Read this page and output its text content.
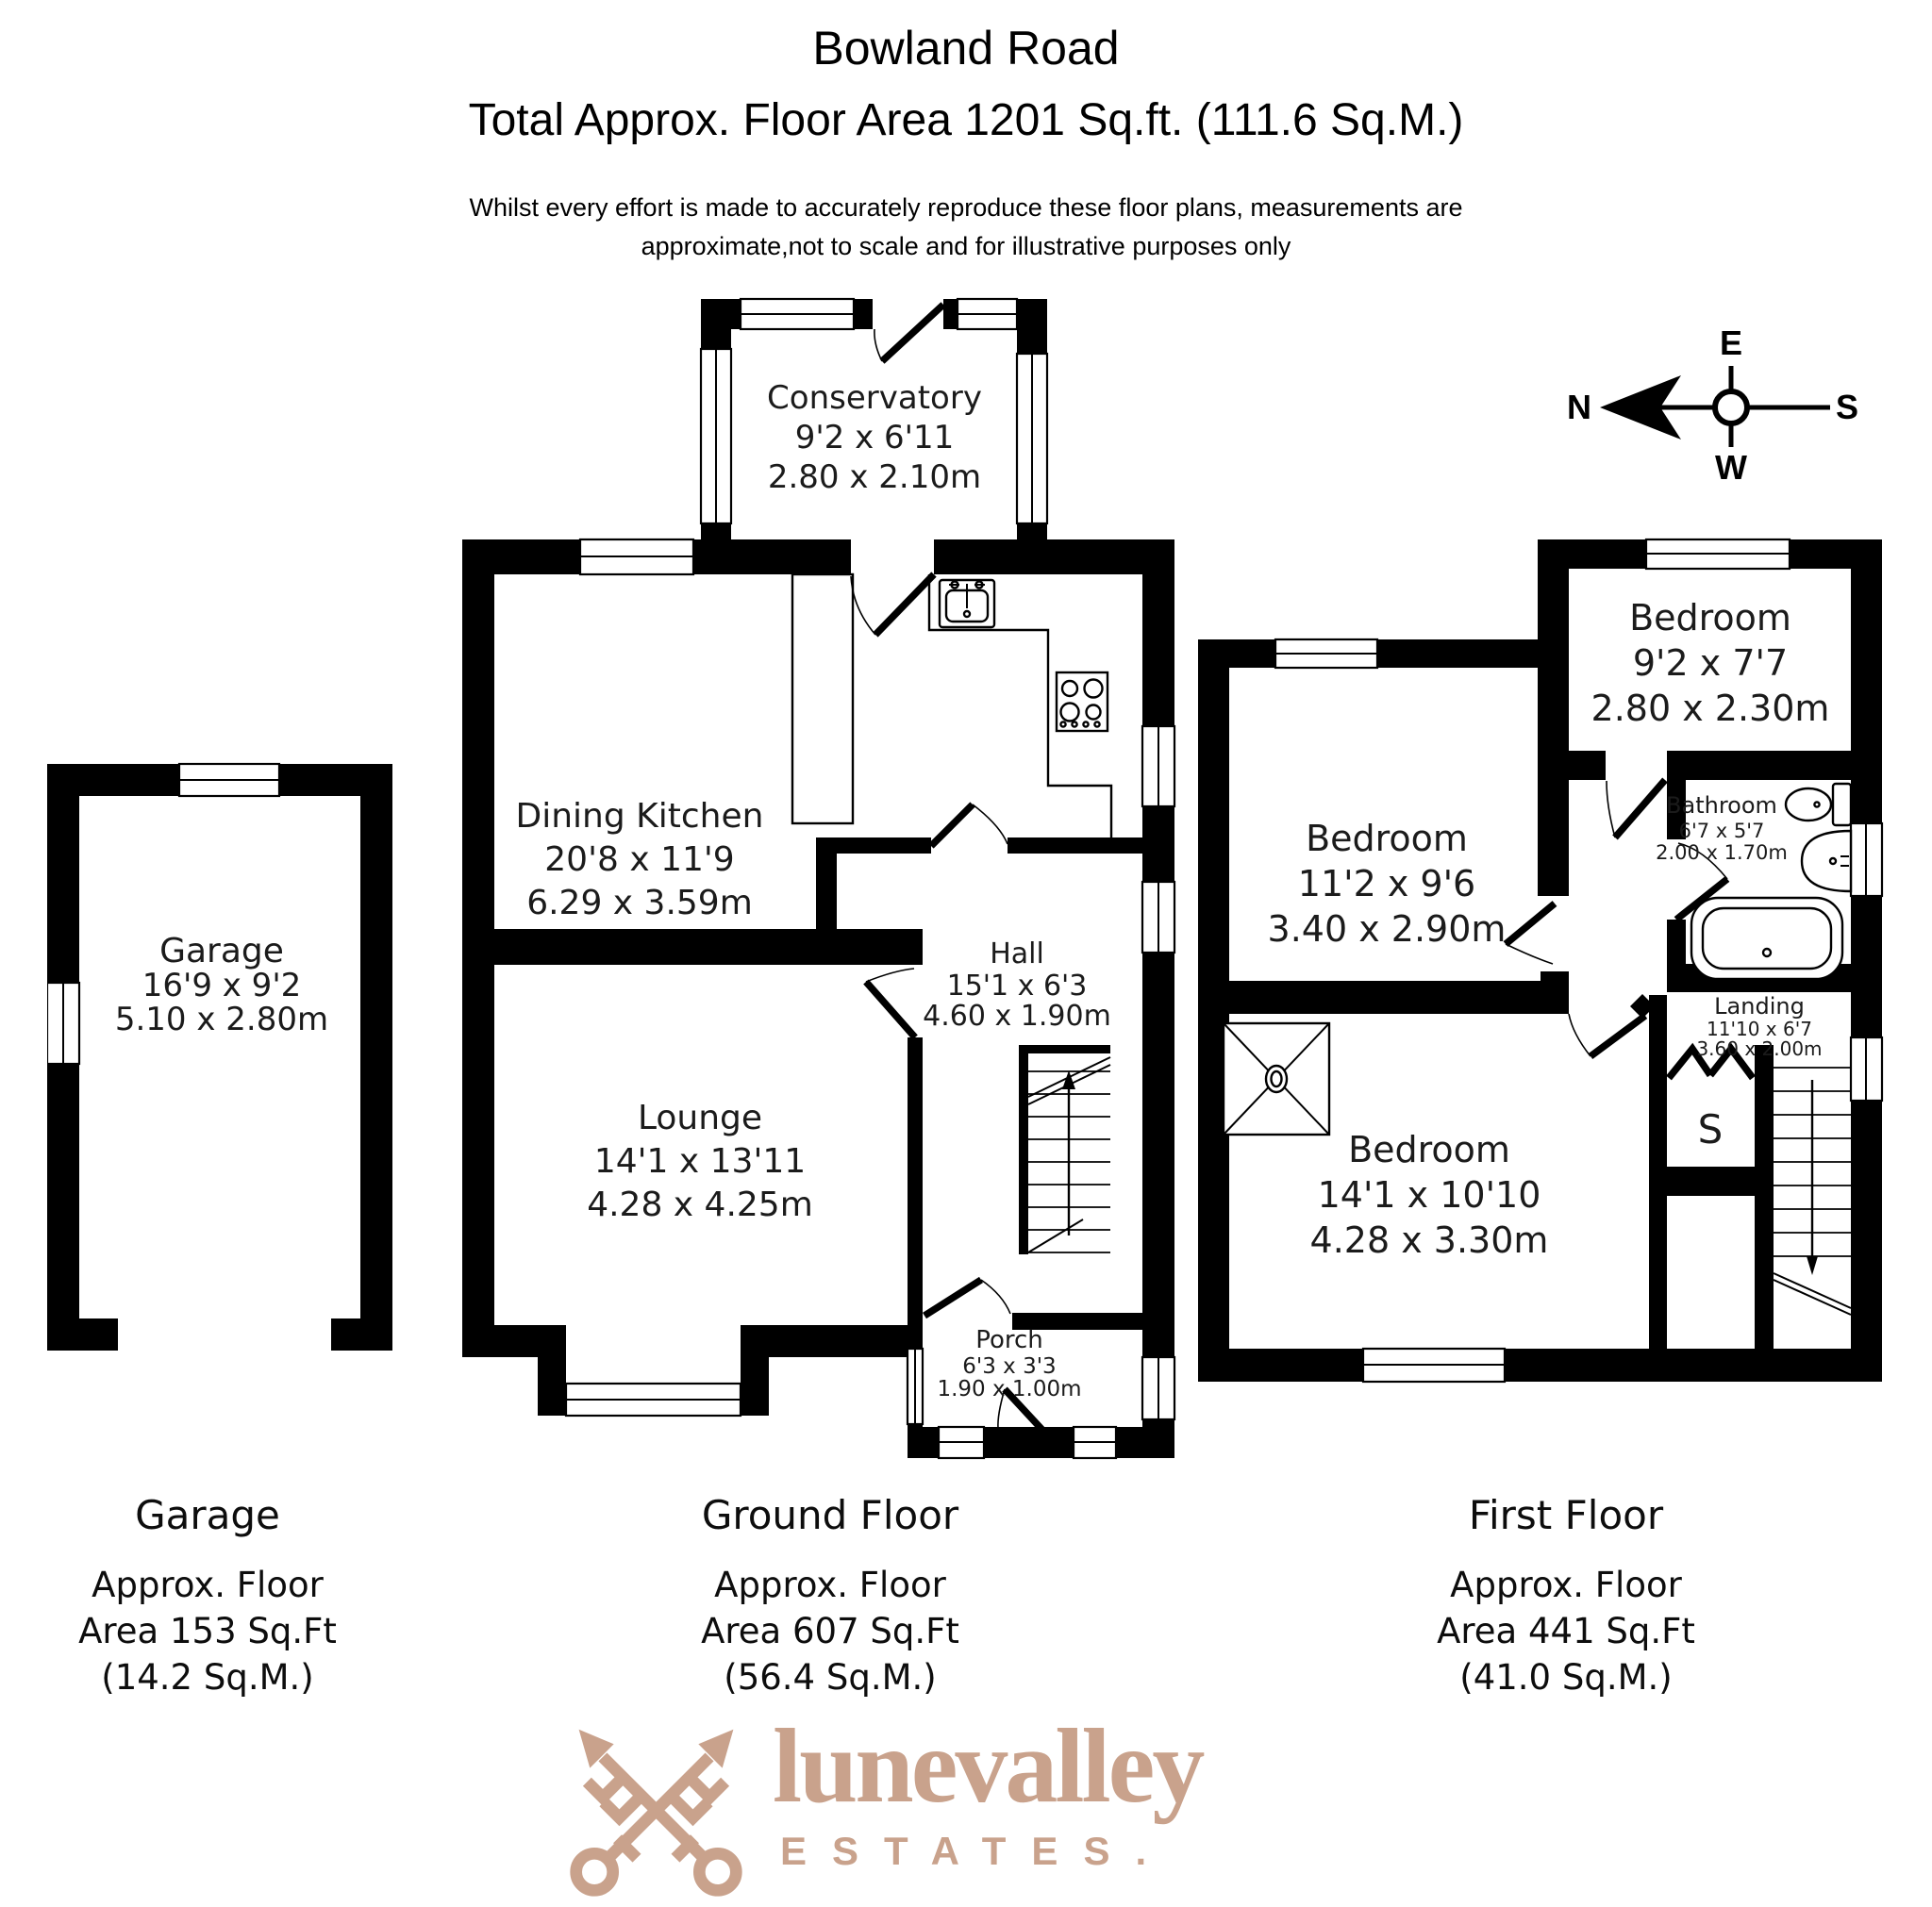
Bowland Road
Total Approx. Floor Area 1201 Sq.ft. (111.6 Sq.M.)
Whilst every effort is made to accurately reproduce these floor plans, measurements are
approximate,not to scale and for illustrative purposes only
N
E
S
W
Garage
16'9 x 9'2
5.10 x 2.80m
Conservatory
9'2 x 6'11
2.80 x 2.10m
Dining Kitchen
20'8 x 11'9
6.29 x 3.59m
Lounge
14'1 x 13'11
4.28 x 4.25m
Hall
15'1 x 6'3
4.60 x 1.90m
Porch
6'3 x 3'3
1.90 x 1.00m
Bedroom
9'2 x 7'7
2.80 x 2.30m
Bedroom
11'2 x 9'6
3.40 x 2.90m
Bedroom
14'1 x 10'10
4.28 x 3.30m
Bathroom
6'7 x 5'7
2.00 x 1.70m
Landing
11'10 x 6'7
3.60 x 2.00m
S
Garage
Approx. Floor
Area 153 Sq.Ft
(14.2 Sq.M.)
Ground Floor
Approx. Floor
Area 607 Sq.Ft
(56.4 Sq.M.)
First Floor
Approx. Floor
Area 441 Sq.Ft
(41.0 Sq.M.)
lunevalley
ESTATES.
